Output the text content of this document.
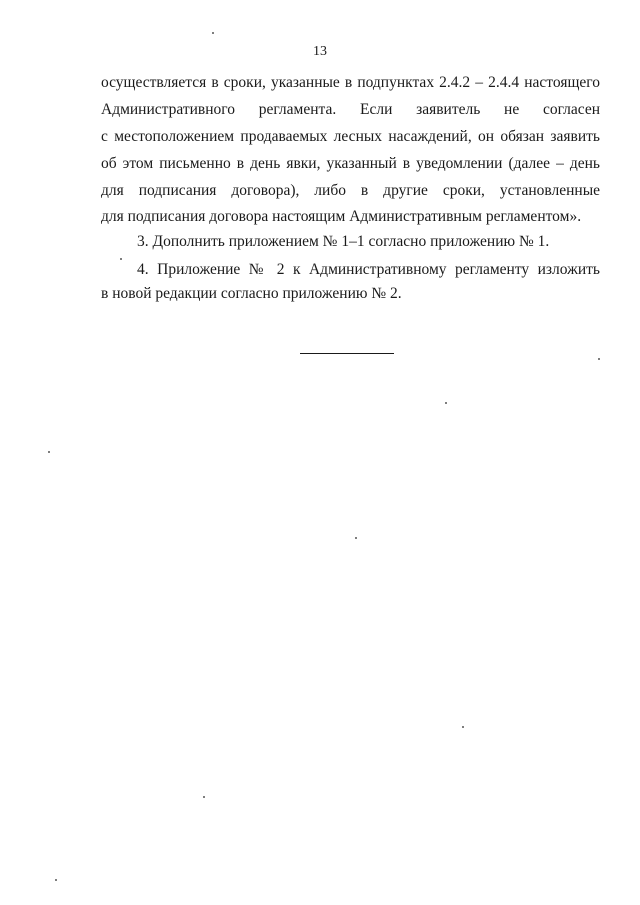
13
осуществляется в сроки, указанные в подпунктах 2.4.2 – 2.4.4 настоящего
Административного регламента. Если заявитель не согласен
с местоположением продаваемых лесных насаждений, он обязан заявить
об этом письменно в день явки, указанный в уведомлении (далее – день
для подписания договора), либо в другие сроки, установленные
для подписания договора настоящим Административным регламентом».
3. Дополнить приложением № 1–1 согласно приложению № 1.
4. Приложение № 2 к Административному регламенту изложить
в новой редакции согласно приложению № 2.
